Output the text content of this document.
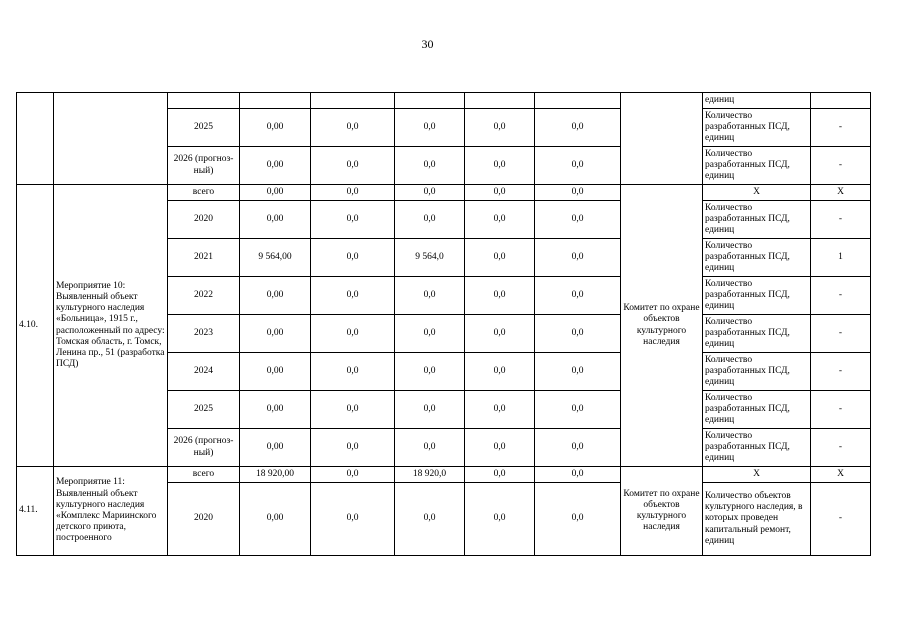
30
									единиц	
		2025	0,00	0,0	0,0	0,0	0,0		Количество разработанных ПСД, единиц	-
		2026 (прогноз-ный)	0,00	0,0	0,0	0,0	0,0		Количество разработанных ПСД, единиц	-
4.10.	Мероприятие 10: Выявленный объект культурного наследия «Больница», 1915 г., расположенный по адресу: Томская область, г. Томск, Ленина пр., 51 (разработка ПСД)	всего	0,00	0,0	0,0	0,0	0,0	Комитет по охране объектов культурного наследия	Х	Х
		2020	0,00	0,0	0,0	0,0	0,0		Количество разработанных ПСД, единиц	-
		2021	9 564,00	0,0	9 564,0	0,0	0,0		Количество разработанных ПСД, единиц	1
		2022	0,00	0,0	0,0	0,0	0,0		Количество разработанных ПСД, единиц	-
		2023	0,00	0,0	0,0	0,0	0,0		Количество разработанных ПСД, единиц	-
		2024	0,00	0,0	0,0	0,0	0,0		Количество разработанных ПСД, единиц	-
		2025	0,00	0,0	0,0	0,0	0,0		Количество разработанных ПСД, единиц	-
		2026 (прогноз-ный)	0,00	0,0	0,0	0,0	0,0		Количество разработанных ПСД, единиц	-
4.11.	Мероприятие 11: Выявленный объект культурного наследия «Комплекс Мариинского детского приюта, построенного	всего	18 920,00	0,0	18 920,0	0,0	0,0	Комитет по охране объектов культурного наследия	Х	Х
		2020	0,00	0,0	0,0	0,0	0,0		Количество объектов культурного наследия, в которых проведен капитальный ремонт, единиц	-
